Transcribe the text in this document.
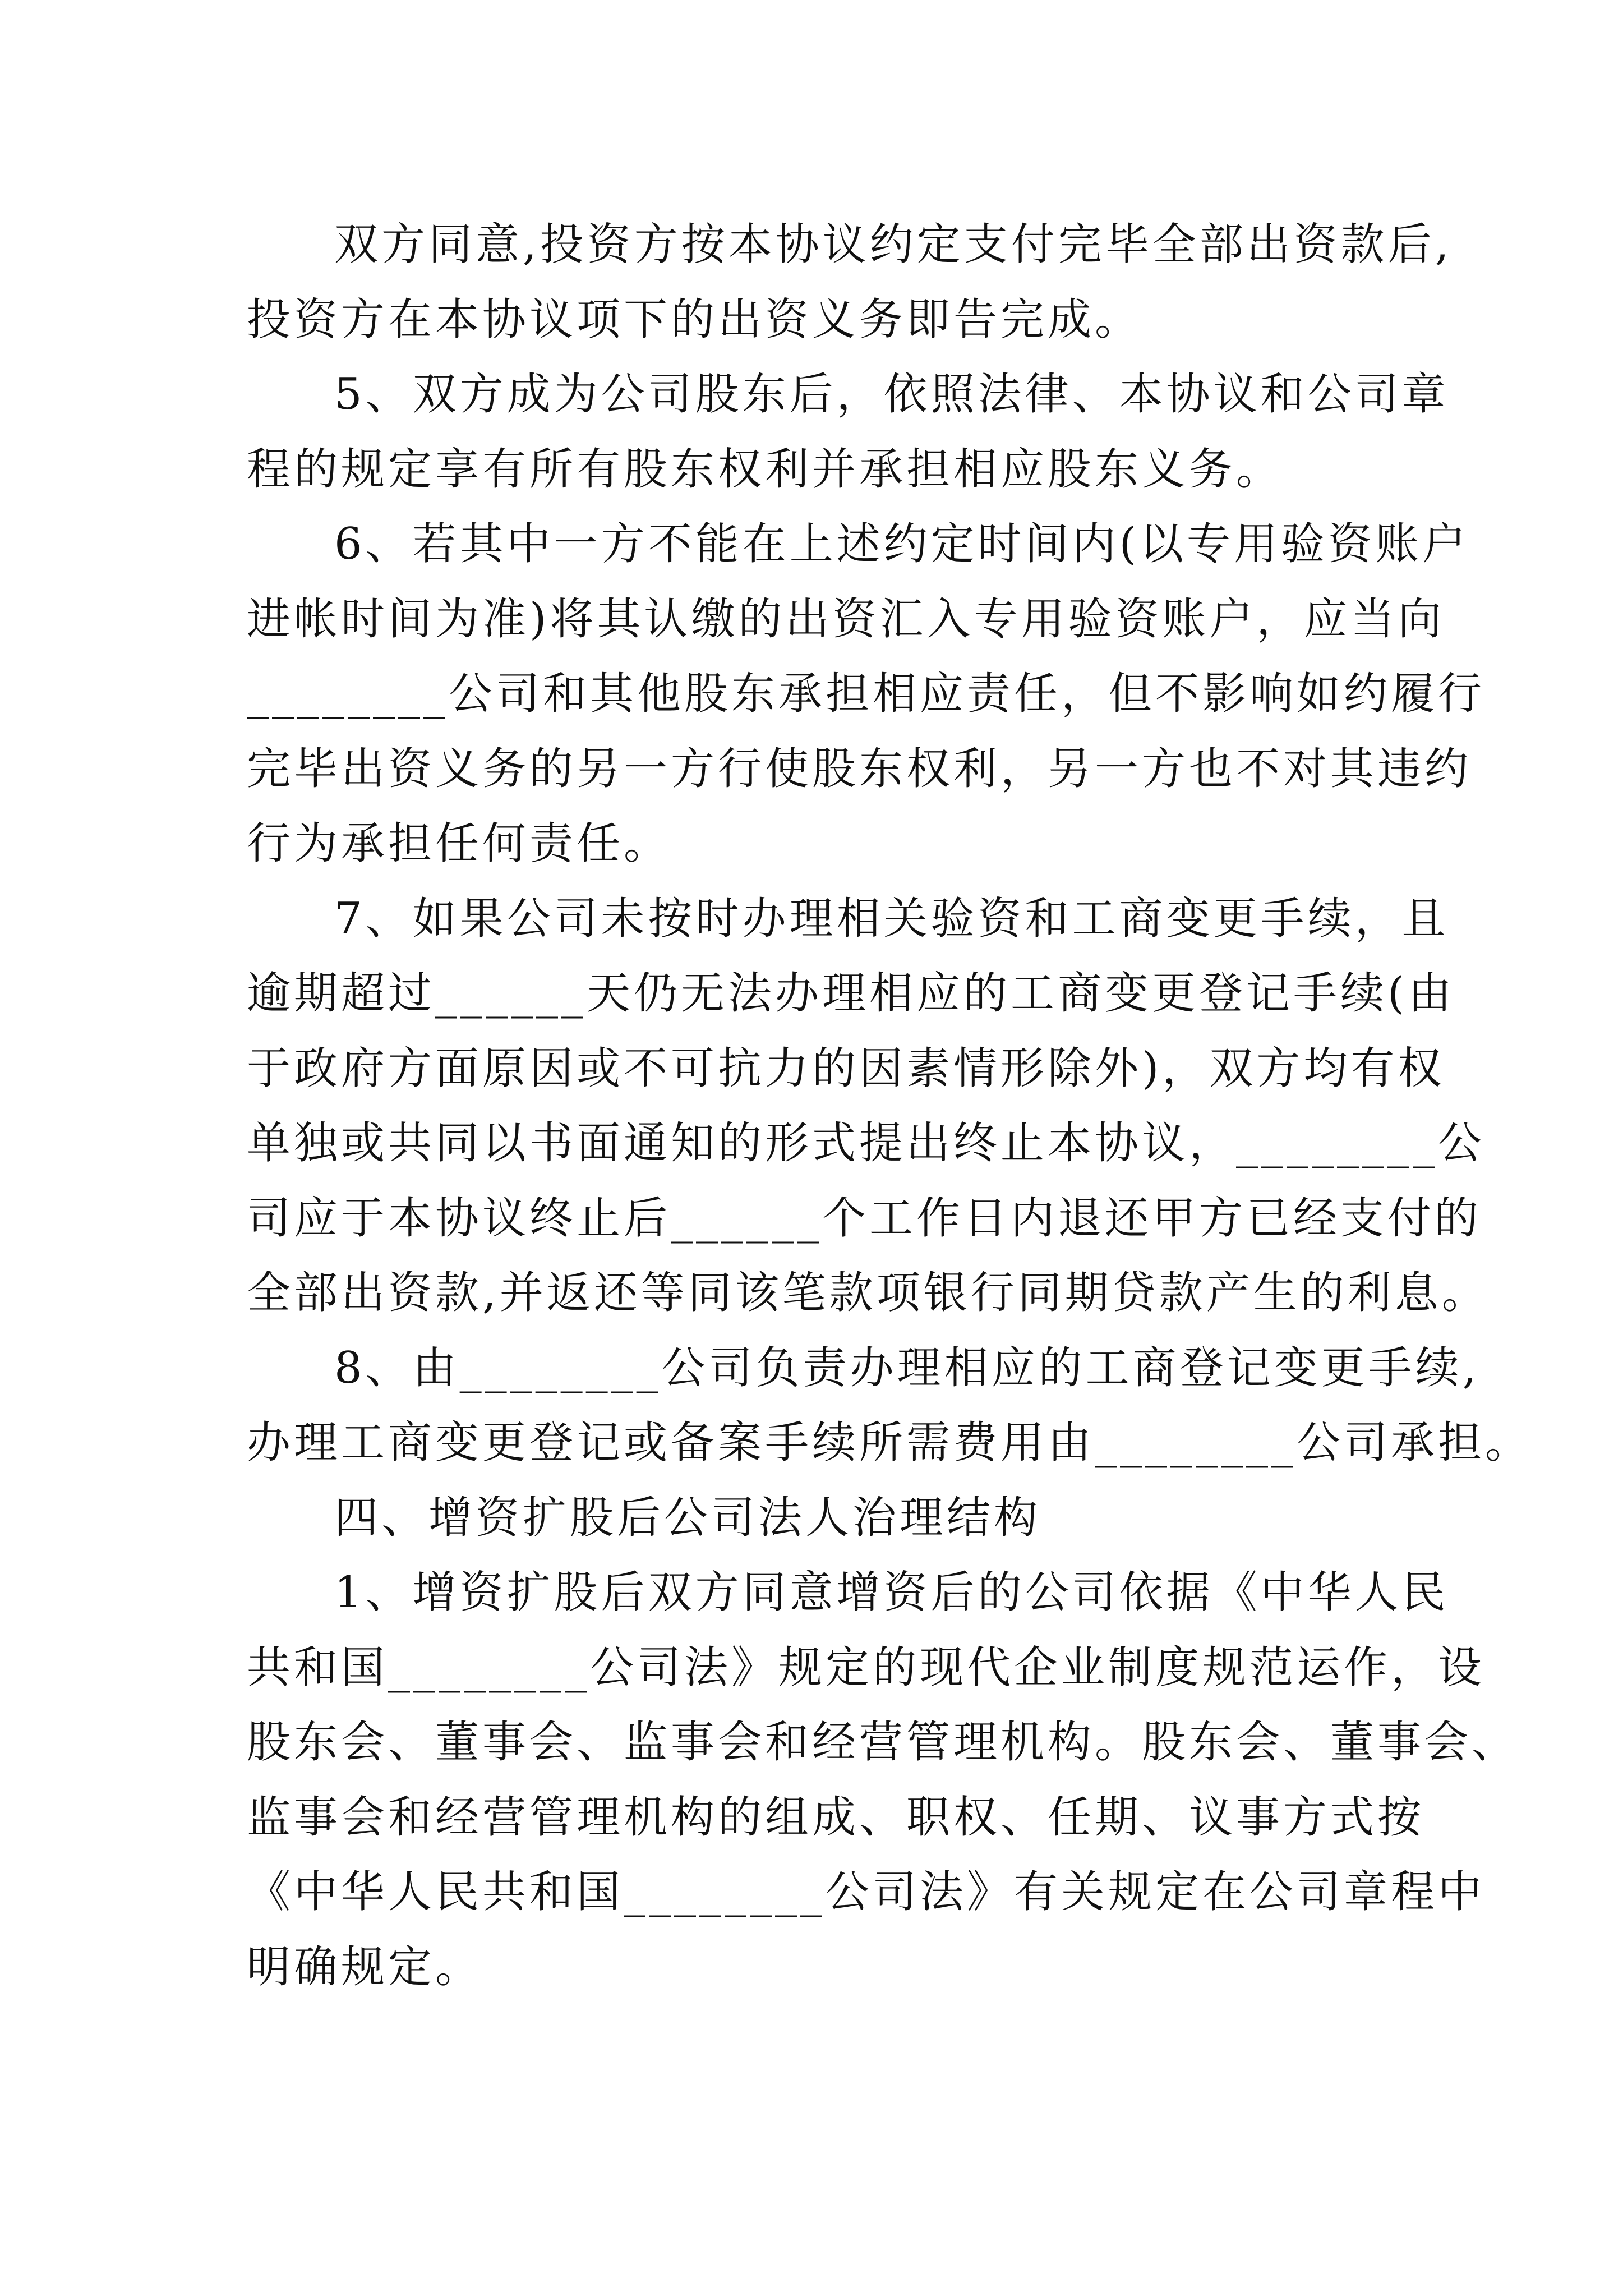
双方同意,投资方按本协议约定支付完毕全部出资款后,
投资方在本协议项下的出资义务即告完成。
5、双方成为公司股东后，依照法律、本协议和公司章
程的规定享有所有股东权利并承担相应股东义务。
6、若其中一方不能在上述约定时间内(以专用验资账户
进帐时间为准)将其认缴的出资汇入专用验资账户，应当向
________公司和其他股东承担相应责任，但不影响如约履行
完毕出资义务的另一方行使股东权利，另一方也不对其违约
行为承担任何责任。
7、如果公司未按时办理相关验资和工商变更手续，且
逾期超过______天仍无法办理相应的工商变更登记手续(由
于政府方面原因或不可抗力的因素情形除外)，双方均有权
单独或共同以书面通知的形式提出终止本协议，________公
司应于本协议终止后______个工作日内退还甲方已经支付的
全部出资款,并返还等同该笔款项银行同期贷款产生的利息。
8、由________公司负责办理相应的工商登记变更手续,
办理工商变更登记或备案手续所需费用由________公司承担。
四、增资扩股后公司法人治理结构
1、增资扩股后双方同意增资后的公司依据《中华人民
共和国________公司法》规定的现代企业制度规范运作，设
股东会、董事会、监事会和经营管理机构。股东会、董事会、
监事会和经营管理机构的组成、职权、任期、议事方式按
《中华人民共和国________公司法》有关规定在公司章程中
明确规定。
